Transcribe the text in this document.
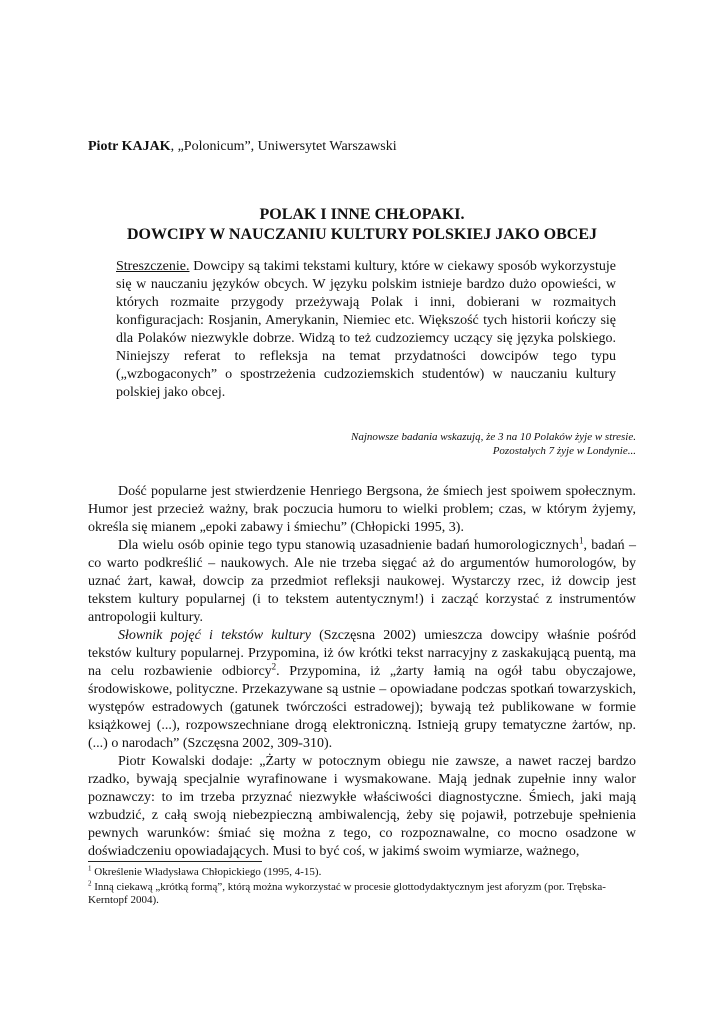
Piotr KAJAK, „Polonicum”, Uniwersytet Warszawski
POLAK I INNE CHŁOPAKI.
DOWCIPY W NAUCZANIU KULTURY POLSKIEJ JAKO OBCEJ
Streszczenie. Dowcipy są takimi tekstami kultury, które w ciekawy sposób wykorzystuje się w nauczaniu języków obcych. W języku polskim istnieje bardzo dużo opowieści, w których rozmaite przygody przeżywają Polak i inni, dobierani w rozmaitych konfiguracjach: Rosjanin, Amerykanin, Niemiec etc. Większość tych historii kończy się dla Polaków niezwykle dobrze. Widzą to też cudzoziemcy uczący się języka polskiego. Niniejszy referat to refleksja na temat przydatności dowcipów tego typu („wzbogaconych” o spostrzeżenia cudzoziemskich studentów) w nauczaniu kultury polskiej jako obcej.
Najnowsze badania wskazują, że 3 na 10 Polaków żyje w stresie.
Pozostałych 7 żyje w Londynie...

Dość popularne jest stwierdzenie Henriego Bergsona, że śmiech jest spoiwem społecznym. Humor jest przecież ważny, brak poczucia humoru to wielki problem; czas, w którym żyjemy, określa się mianem „epoki zabawy i śmiechu” (Chłopicki 1995, 3).

Dla wielu osób opinie tego typu stanowią uzasadnienie badań humorologicznych$^1$, badań – co warto podkreślić – naukowych. Ale nie trzeba sięgać aż do argumentów humorologów, by uznać żart, kawał, dowcip za przedmiot refleksji naukowej. Wystarczy rzec, iż dowcip jest tekstem kultury popularnej (i to tekstem autentycznym!) i zacząć korzystać z instrumentów antropologii kultury.

Słownik pojęć i tekstów kultury (Szczęsna 2002) umieszcza dowcipy właśnie pośród tekstów kultury popularnej. Przypomina, iż ów krótki tekst narracyjny z zaskakującą puentą, ma na celu rozbawienie odbiorcy$^2$. Przypomina, iż „żarty łamią na ogół tabu obyczajowe, środowiskowe, polityczne. Przekazywane są ustnie – opowiadane podczas spotkań towarzyskich, występów estradowych (gatunek twórczości estradowej); bywają też publikowane w formie książkowej (...), rozpowszechniane drogą elektroniczną. Istnieją grupy tematyczne żartów, np. (...) o narodach” (Szczęsna 2002, 309-310).

Piotr Kowalski dodaje: „Żarty w potocznym obiegu nie zawsze, a nawet raczej bardzo rzadko, bywają specjalnie wyrafinowane i wysmakowane. Mają jednak zupełnie inny walor poznawczy: to im trzeba przyznać niezwykłe właściwości diagnostyczne. Śmiech, jaki mają wzbudzić, z całą swoją niebezpieczną ambiwalencją, żeby się pojawił, potrzebuje spełnienia pewnych warunków: śmiać się można z tego, co rozpoznawalne, co mocno osadzone w doświadczeniu opowiadających. Musi to być coś, w jakimś swoim wymiarze, ważnego,

$^1$ Określenie Władysława Chłopickiego (1995, 4-15).

$^2$ Inną ciekawą „krótką formą”, którą można wykorzystać w procesie glottodydaktycznym jest aforyzm (por. Trębska-Kerntopf 2004).
